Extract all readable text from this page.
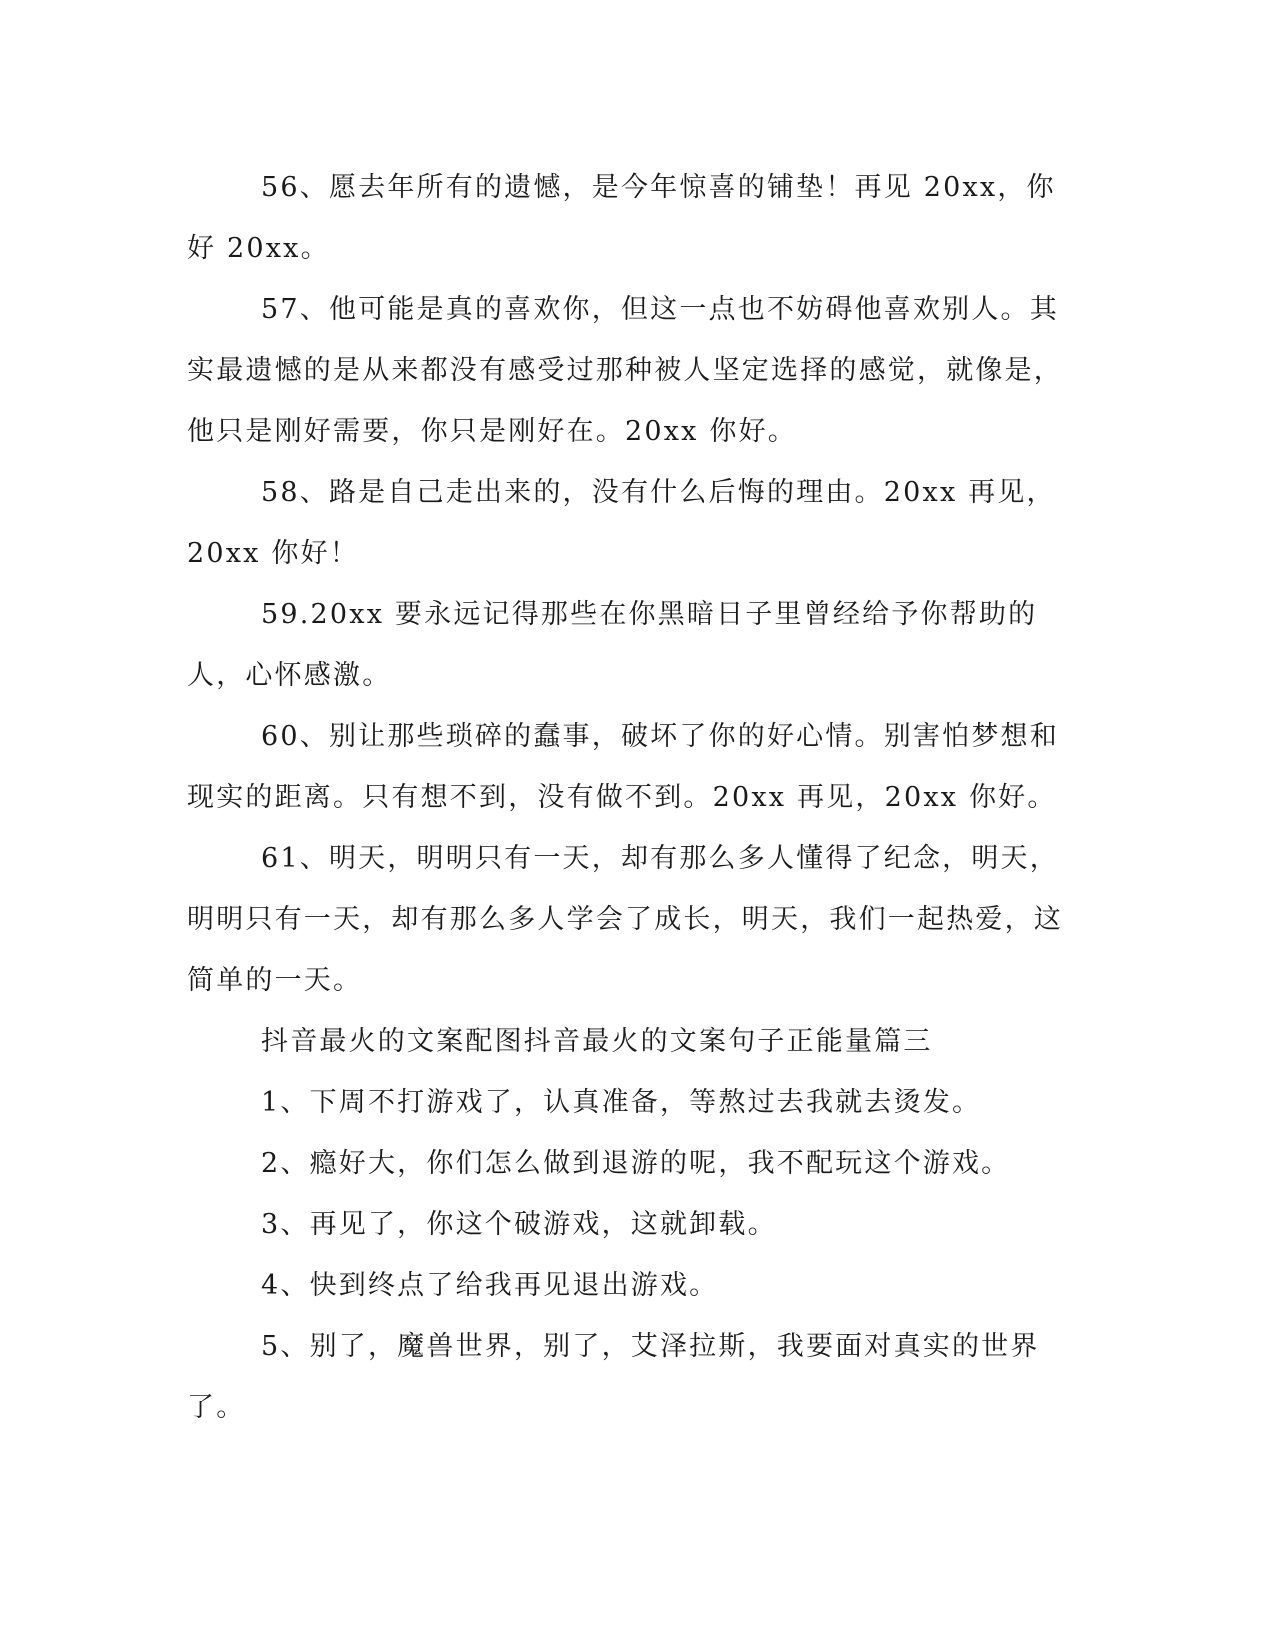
56、愿去年所有的遗憾，是今年惊喜的铺垫！再见 20xx，你好 20xx。

57、他可能是真的喜欢你，但这一点也不妨碍他喜欢别人。其实最遗憾的是从来都没有感受过那种被人坚定选择的感觉，就像是，他只是刚好需要，你只是刚好在。20xx 你好。

58、路是自己走出来的，没有什么后悔的理由。20xx 再见，20xx 你好！

59.20xx 要永远记得那些在你黑暗日子里曾经给予你帮助的人，心怀感激。

60、别让那些琐碎的蠢事，破坏了你的好心情。别害怕梦想和现实的距离。只有想不到，没有做不到。20xx 再见，20xx 你好。

61、明天，明明只有一天，却有那么多人懂得了纪念，明天，明明只有一天，却有那么多人学会了成长，明天，我们一起热爱，这简单的一天。

抖音最火的文案配图抖音最火的文案句子正能量篇三

1、下周不打游戏了，认真准备，等熬过去我就去烫发。

2、瘾好大，你们怎么做到退游的呢，我不配玩这个游戏。

3、再见了，你这个破游戏，这就卸载。

4、快到终点了给我再见退出游戏。

5、别了，魔兽世界，别了，艾泽拉斯，我要面对真实的世界了。
